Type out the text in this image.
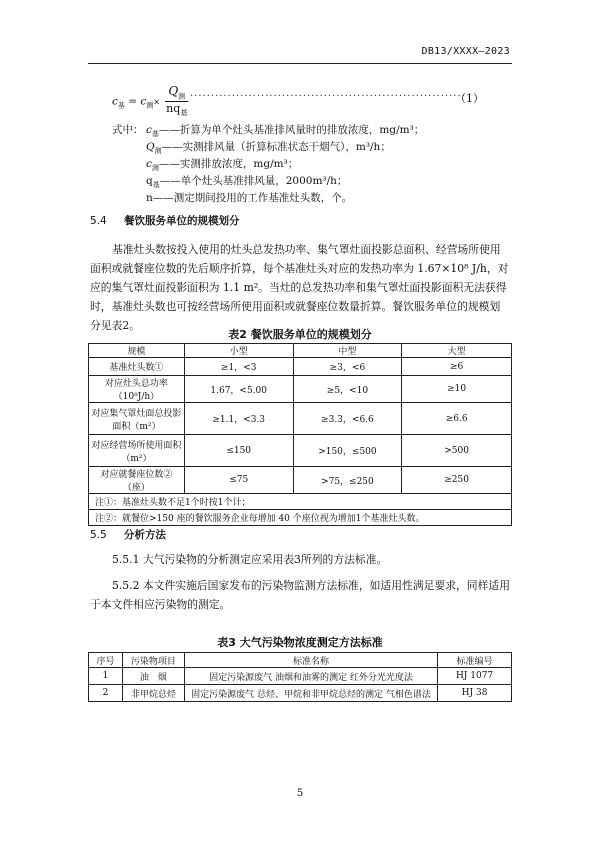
DB13/XXXX—2023
$c_基 = c_测\times \frac{Q_测}{nq_基}$ ··································································
（1）
式中： $c_基——$折算为单个灶头基准排风量时的排放浓度，mg/m³；
$Q_测——$实测排风量（折算标准状态干烟气），m³/h；
$c_测——$实测排放浓度，mg/m³；
$q_基——$单个灶头基准排风量，2000m³/h；
n——测定期间投用的工作基准灶头数，个。
5.4 餐饮服务单位的规模划分
基准灶头数按投入使用的灶头总发热功率、集气罩灶面投影总面积、经营场所使用面积或就餐座位数的先后顺序折算，每个基准灶头对应的发热功率为 1.67×10⁸ J/h，对应的集气罩灶面投影面积为 1.1 m²。当灶的总发热功率和集气罩灶面投影面积无法获得时，基准灶头数也可按经营场所使用面积或就餐座位数量折算。餐饮服务单位的规模划分见表2。
表2 餐饮服务单位的规模划分
规模	小型	中型	大型
基准灶头数①	≥1，<3	≥3，<6	≥6
对应灶头总功率（10⁸J/h）	1.67，<5.00	≥5，<10	≥10
对应集气罩灶面总投影面积（m²）	≥1.1，<3.3	≥3.3，<6.6	≥6.6
对应经营场所使用面积（m²）	≤150	>150，≤500	>500
对应就餐座位数②（座）	≤75	>75，≤250	≥250
注①：基准灶头数不足1个时按1个计；			
注②：就餐位>150 座的餐饮服务企业每增加 40 个座位视为增加1个基准灶头数。			
5.5 分析方法
5.5.1 大气污染物的分析测定应采用表3所列的方法标准。
5.5.2 本文件实施后国家发布的污染物监测方法标准，如适用性满足要求，同样适用于本文件相应污染物的测定。
表3 大气污染物浓度测定方法标准
序号	污染物项目	标准名称	标准编号
1	油　烟	固定污染源废气 油烟和油雾的测定 红外分光光度法	HJ 1077
2	非甲烷总烃	固定污染源废气 总烃、甲烷和非甲烷总烃的测定 气相色谱法	HJ 38
5
